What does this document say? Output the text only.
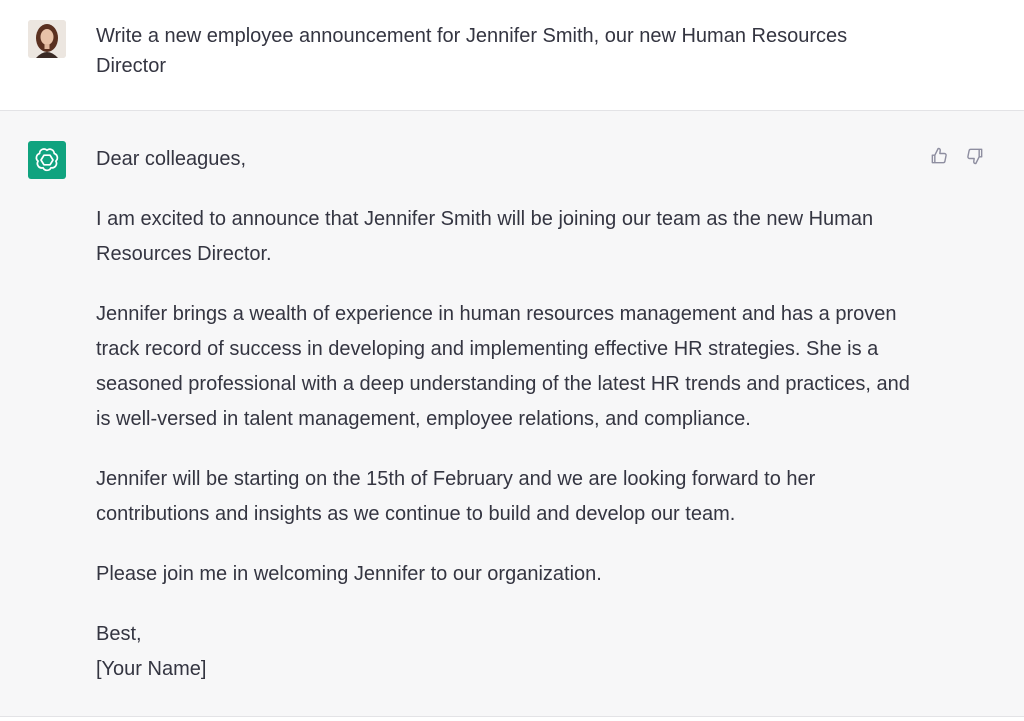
Write a new employee announcement for Jennifer Smith, our new Human Resources Director

Dear colleagues,

I am excited to announce that Jennifer Smith will be joining our team as the new Human Resources Director.

Jennifer brings a wealth of experience in human resources management and has a proven track record of success in developing and implementing effective HR strategies. She is a seasoned professional with a deep understanding of the latest HR trends and practices, and is well-versed in talent management, employee relations, and compliance.

Jennifer will be starting on the 15th of February and we are looking forward to her contributions and insights as we continue to build and develop our team.

Please join me in welcoming Jennifer to our organization.

Best,
[Your Name]
